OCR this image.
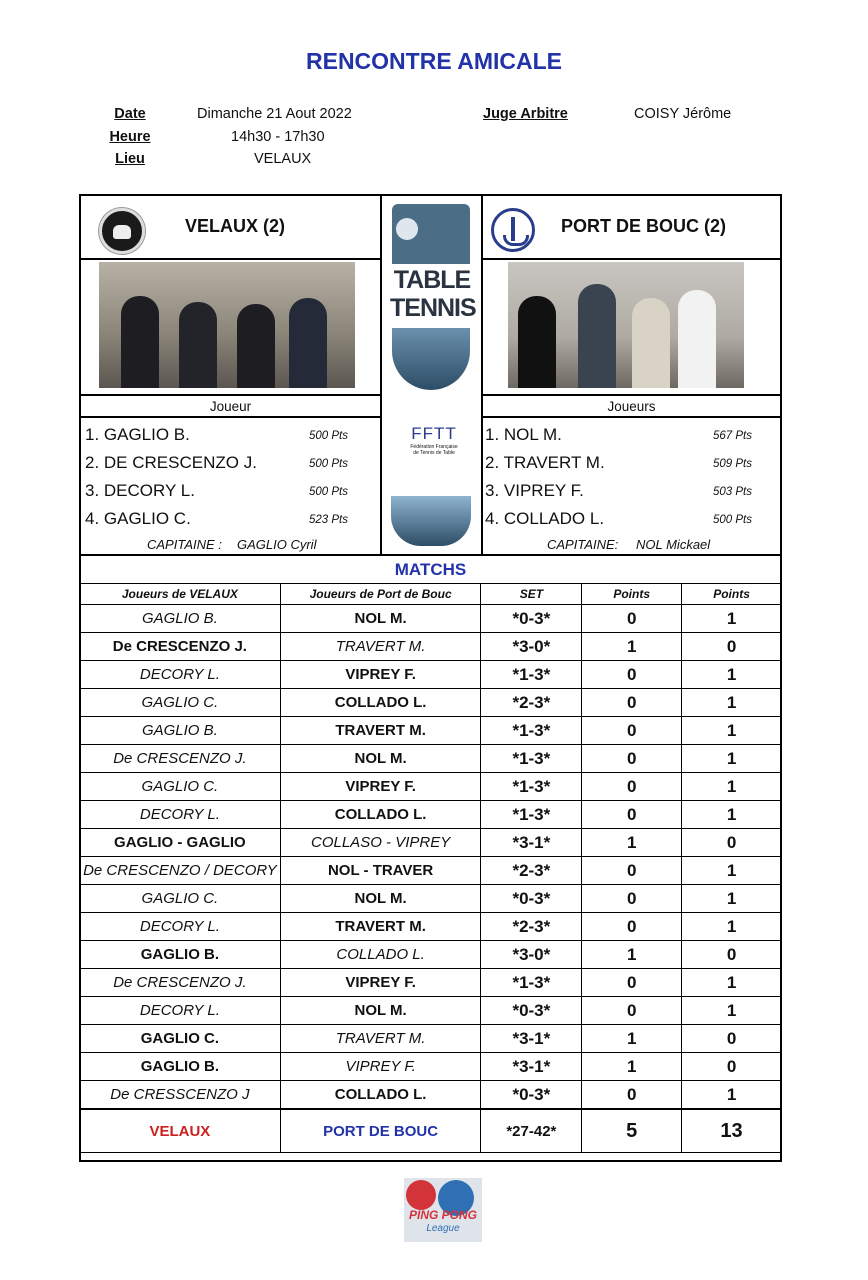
RENCONTRE AMICALE
Date	Dimanche 21 Aout 2022
Heure	14h30 - 17h30
Lieu	VELAUX
Juge Arbitre	COISY Jérôme
VELAUX (2)	PORT DE BOUC (2)
TABLE
TENNIS
Joueur	Joueurs
1. GAGLIO B.	500 Pts
2. DE CRESCENZO J.	500 Pts
3. DECORY L.	500 Pts
4. GAGLIO C.	523 Pts
CAPITAINE : GAGLIO Cyril
FFTT
Fédération Française
de Tennis de Table
1. NOL M.	567 Pts
2. TRAVERT M.	509 Pts
3. VIPREY F.	503 Pts
4. COLLADO L.	500 Pts
CAPITAINE: NOL Mickael
MATCHS
Joueurs de VELAUX	Joueurs de Port de Bouc	SET	Points	Points
GAGLIO B.	NOL M.	*0-3*	0	1
De CRESCENZO J.	TRAVERT M.	*3-0*	1	0
DECORY L.	VIPREY F.	*1-3*	0	1
GAGLIO C.	COLLADO L.	*2-3*	0	1
GAGLIO B.	TRAVERT M.	*1-3*	0	1
De CRESCENZO J.	NOL M.	*1-3*	0	1
GAGLIO C.	VIPREY F.	*1-3*	0	1
DECORY L.	COLLADO L.	*1-3*	0	1
GAGLIO - GAGLIO	COLLASO - VIPREY	*3-1*	1	0
De CRESCENZO / DECORY	NOL - TRAVER	*2-3*	0	1
GAGLIO C.	NOL M.	*0-3*	0	1
DECORY L.	TRAVERT M.	*2-3*	0	1
GAGLIO B.	COLLADO L.	*3-0*	1	0
De CRESCENZO J.	VIPREY F.	*1-3*	0	1
DECORY L.	NOL M.	*0-3*	0	1
GAGLIO C.	TRAVERT M.	*3-1*	1	0
GAGLIO B.	VIPREY F.	*3-1*	1	0
De CRESSCENZO J	COLLADO L.	*0-3*	0	1
VELAUX	PORT DE BOUC	*27-42*	5	13
PING PONG
League
